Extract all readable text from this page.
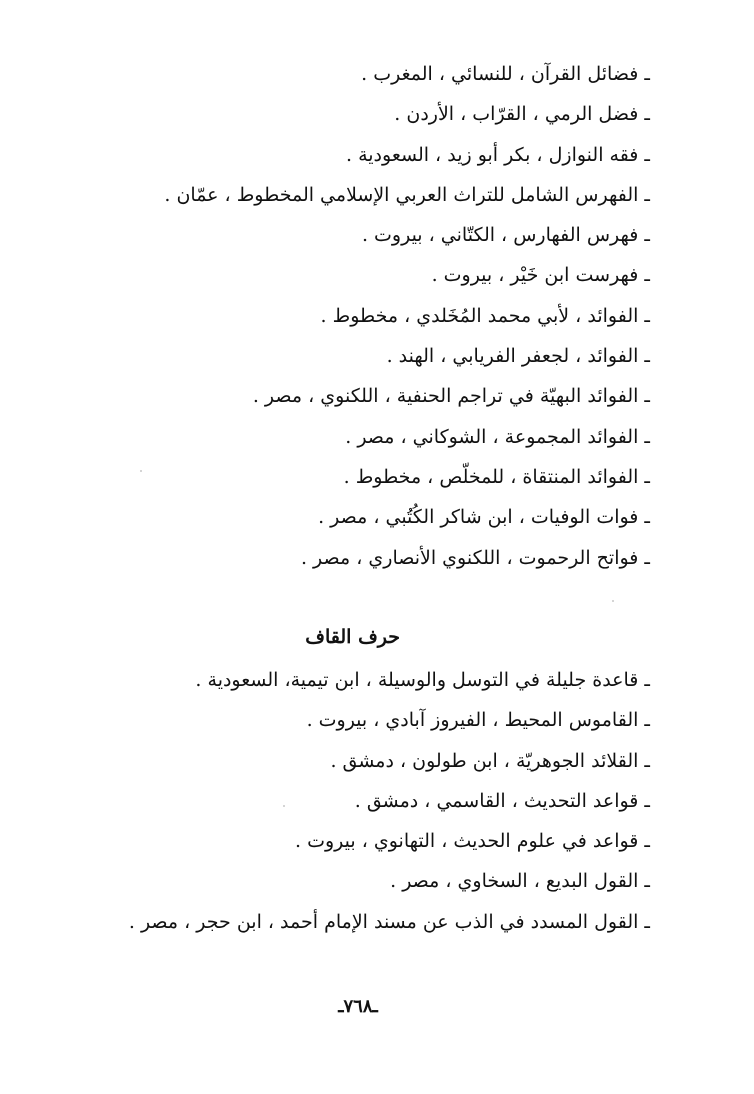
ـ فضائل القرآن ، للنسائي ، المغرب .
ـ فضل الرمي ، القرّاب ، الأردن .
ـ فقه النوازل ، بكر أبو زيد ، السعودية .
ـ الفهرس الشامل للتراث العربي الإسلامي المخطوط ، عمّان .
ـ فهرس الفهارس ، الكتّاني ، بيروت .
ـ فهرست ابن خَيْر ، بيروت .
ـ الفوائد ، لأبي محمد المُخَلدي ، مخطوط .
ـ الفوائد ، لجعفر الفريابي ، الهند .
ـ الفوائد البهيّة في تراجم الحنفية ، اللكنوي ، مصر .
ـ الفوائد المجموعة ، الشوكاني ، مصر .
ـ الفوائد المنتقاة ، للمخلّص ، مخطوط .
ـ فوات الوفيات ، ابن شاكر الكُتُبي ، مصر .
ـ فواتح الرحموت ، اللكنوي الأنصاري ، مصر .
حرف القاف
ـ قاعدة جليلة في التوسل والوسيلة ، ابن تيمية، السعودية .
ـ القاموس المحيط ، الفيروز آبادي ، بيروت .
ـ القلائد الجوهريّة ، ابن طولون ، دمشق .
ـ قواعد التحديث ، القاسمي ، دمشق .
ـ قواعد في علوم الحديث ، التهانوي ، بيروت .
ـ القول البديع ، السخاوي ، مصر .
ـ القول المسدد في الذب عن مسند الإمام أحمد ، ابن حجر ، مصر .
ـ٧٦٨ـ
